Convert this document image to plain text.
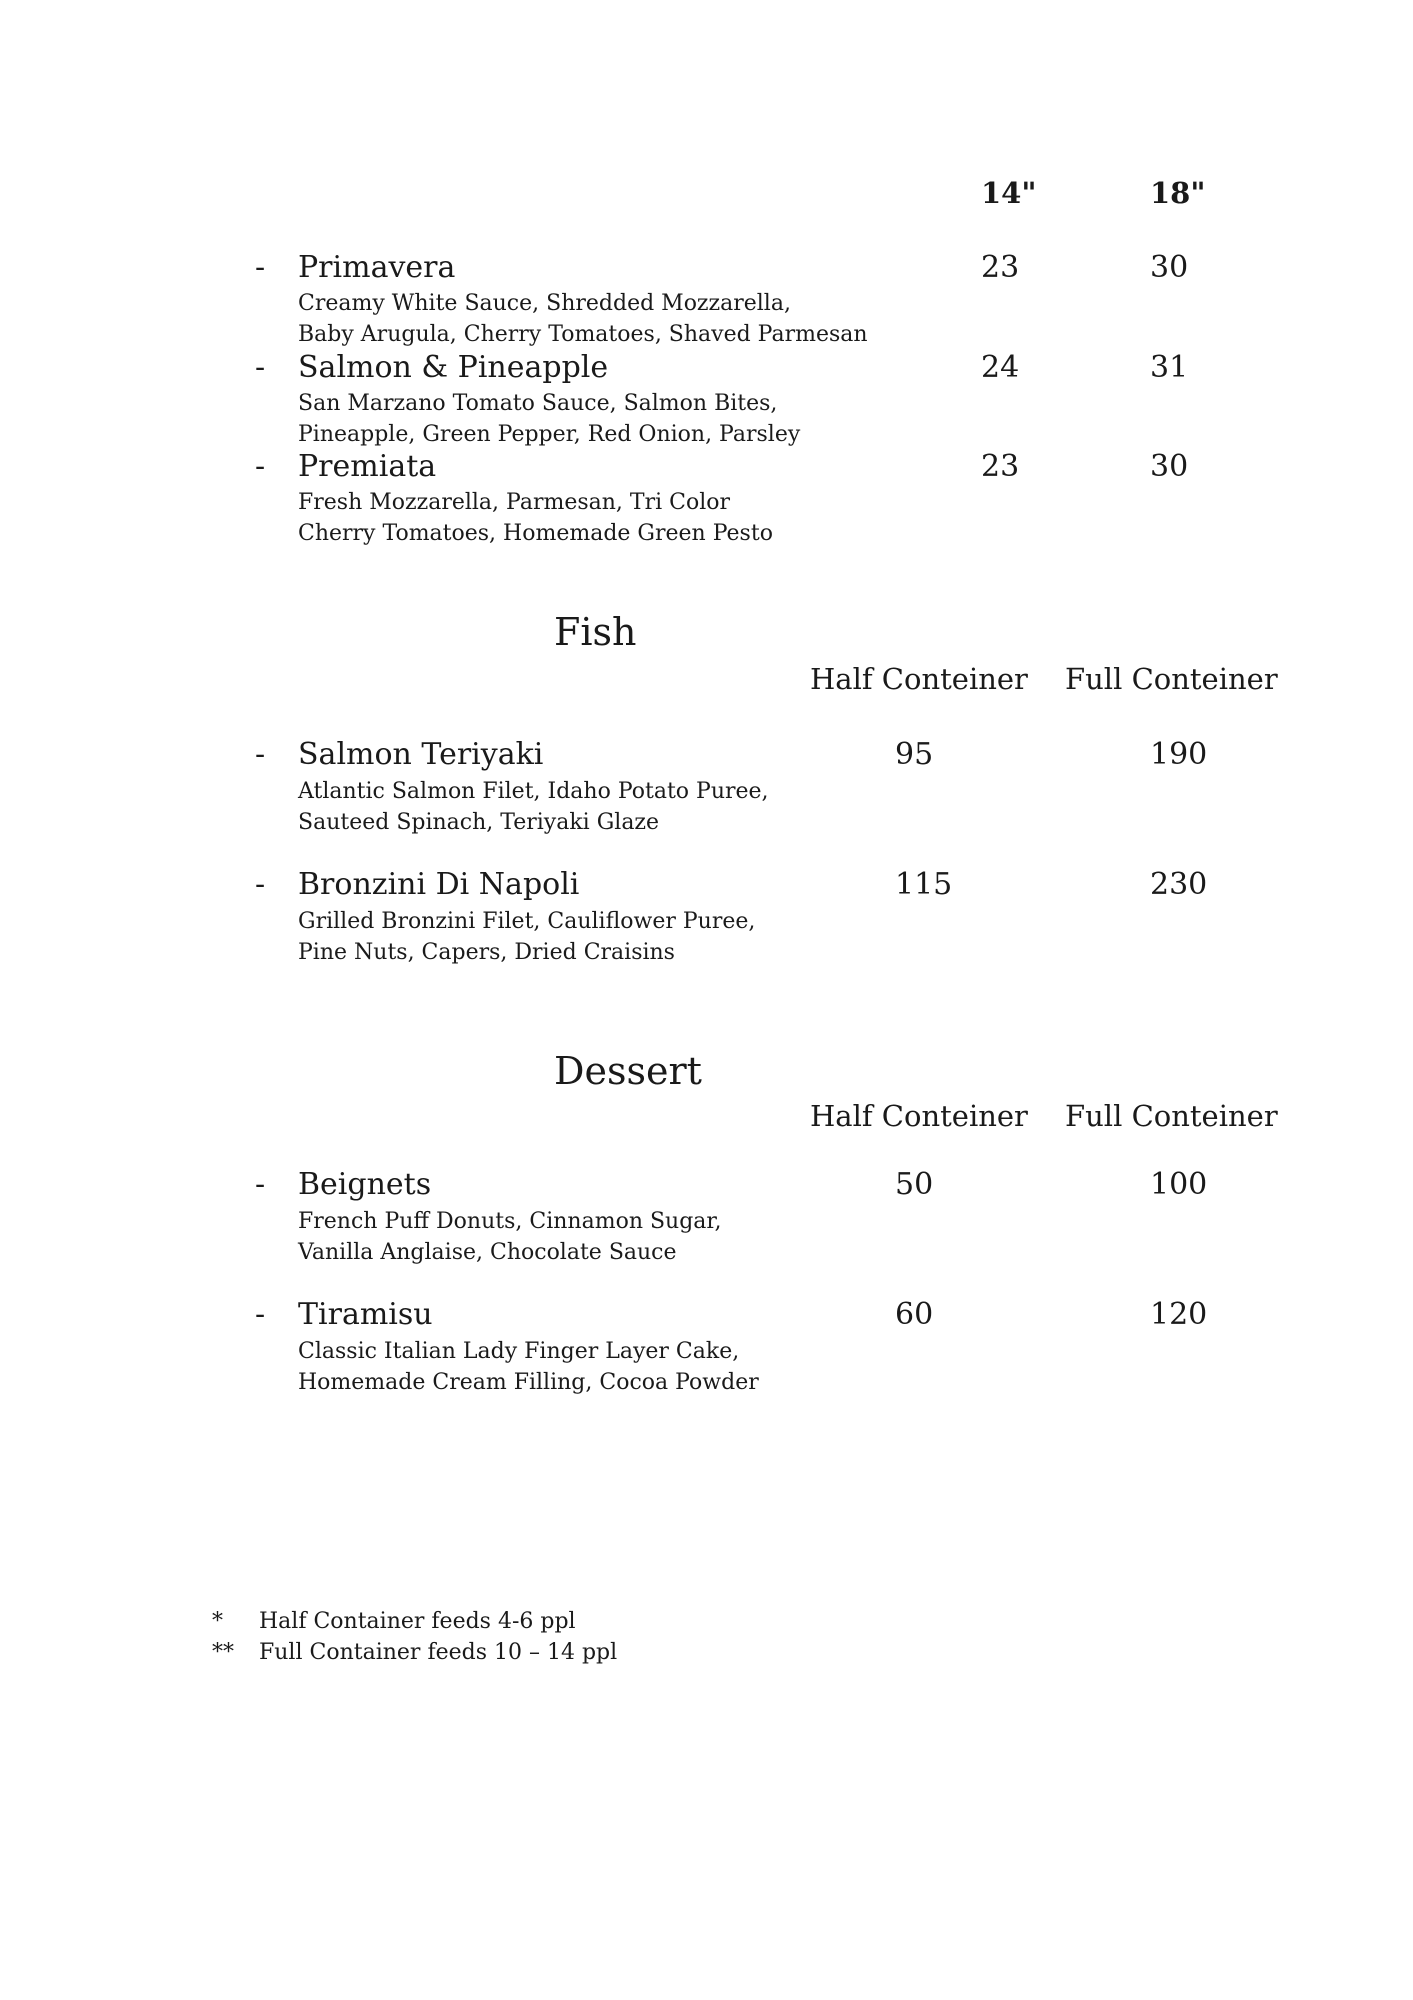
14"	18"
- Primavera
Creamy White Sauce, Shredded Mozzarella,
Baby Arugula, Cherry Tomatoes, Shaved Parmesan
23	30
- Salmon & Pineapple
San Marzano Tomato Sauce, Salmon Bites,
Pineapple, Green Pepper, Red Onion, Parsley
24	31
- Premiata
Fresh Mozzarella, Parmesan, Tri Color
Cherry Tomatoes, Homemade Green Pesto
23	30
Fish
Half Conteiner Full Conteiner
- Salmon Teriyaki
Atlantic Salmon Filet, Idaho Potato Puree,
Sauteed Spinach, Teriyaki Glaze
95	190
- Bronzini Di Napoli
Grilled Bronzini Filet, Cauliflower Puree,
Pine Nuts, Capers, Dried Craisins
115	230
Dessert
Half Conteiner Full Conteiner
- Beignets
French Puff Donuts, Cinnamon Sugar,
Vanilla Anglaise, Chocolate Sauce
50	100
- Tiramisu
Classic Italian Lady Finger Layer Cake,
Homemade Cream Filling, Cocoa Powder
60	120
* Half Container feeds 4-6 ppl
** Full Container feeds 10 – 14 ppl
